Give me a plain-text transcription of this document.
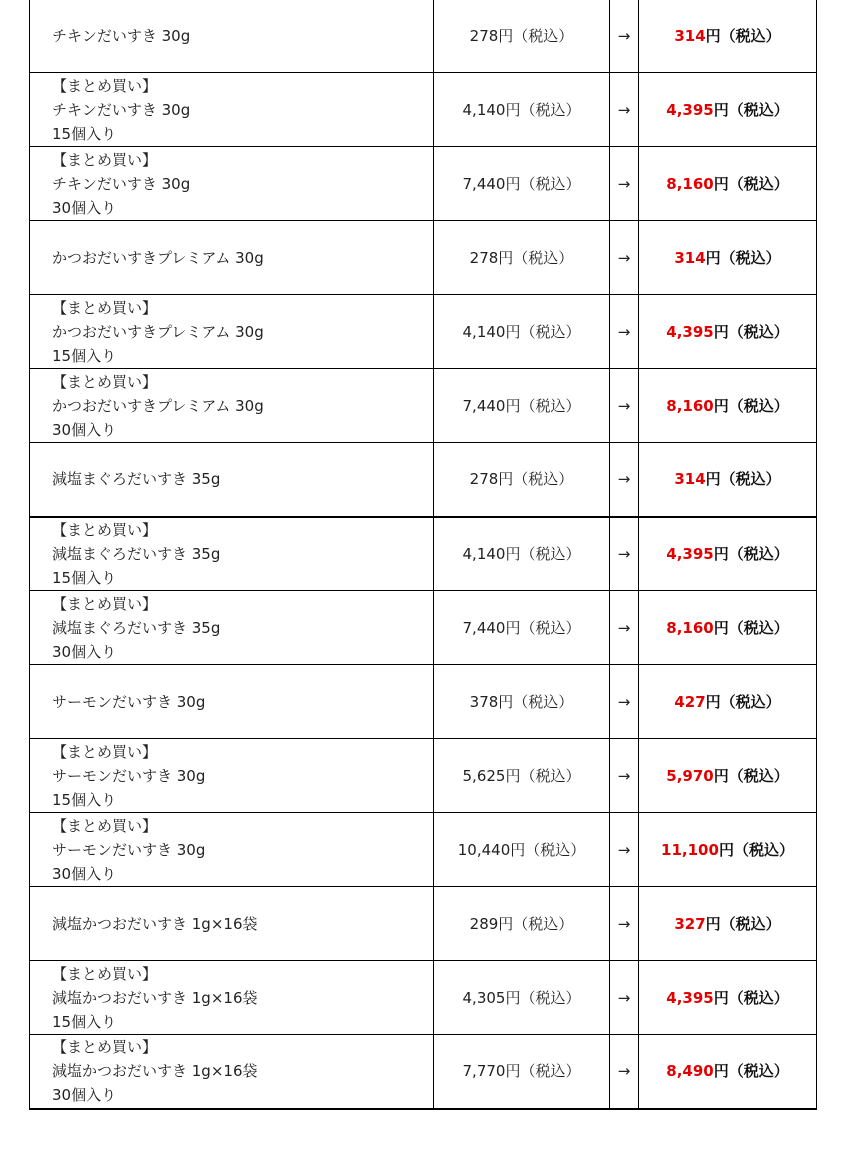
チキンだいすき 30g	278円（税込）	→	314円（税込）

【まとめ買い】
チキンだいすき 30g
15個入り	4,140円（税込）	→	4,395円（税込）

【まとめ買い】
チキンだいすき 30g
30個入り	7,440円（税込）	→	8,160円（税込）

かつおだいすきプレミアム 30g	278円（税込）	→	314円（税込）

【まとめ買い】
かつおだいすきプレミアム 30g
15個入り	4,140円（税込）	→	4,395円（税込）

【まとめ買い】
かつおだいすきプレミアム 30g
30個入り	7,440円（税込）	→	8,160円（税込）

減塩まぐろだいすき 35g	278円（税込）	→	314円（税込）

【まとめ買い】
減塩まぐろだいすき 35g
15個入り	4,140円（税込）	→	4,395円（税込）

【まとめ買い】
減塩まぐろだいすき 35g
30個入り	7,440円（税込）	→	8,160円（税込）

サーモンだいすき 30g	378円（税込）	→	427円（税込）

【まとめ買い】
サーモンだいすき 30g
15個入り	5,625円（税込）	→	5,970円（税込）

【まとめ買い】
サーモンだいすき 30g
30個入り	10,440円（税込）	→	11,100円（税込）

減塩かつおだいすき 1g×16袋	289円（税込）	→	327円（税込）

【まとめ買い】
減塩かつおだいすき 1g×16袋
15個入り	4,305円（税込）	→	4,395円（税込）

【まとめ買い】
減塩かつおだいすき 1g×16袋
30個入り	7,770円（税込）	→	8,490円（税込）
